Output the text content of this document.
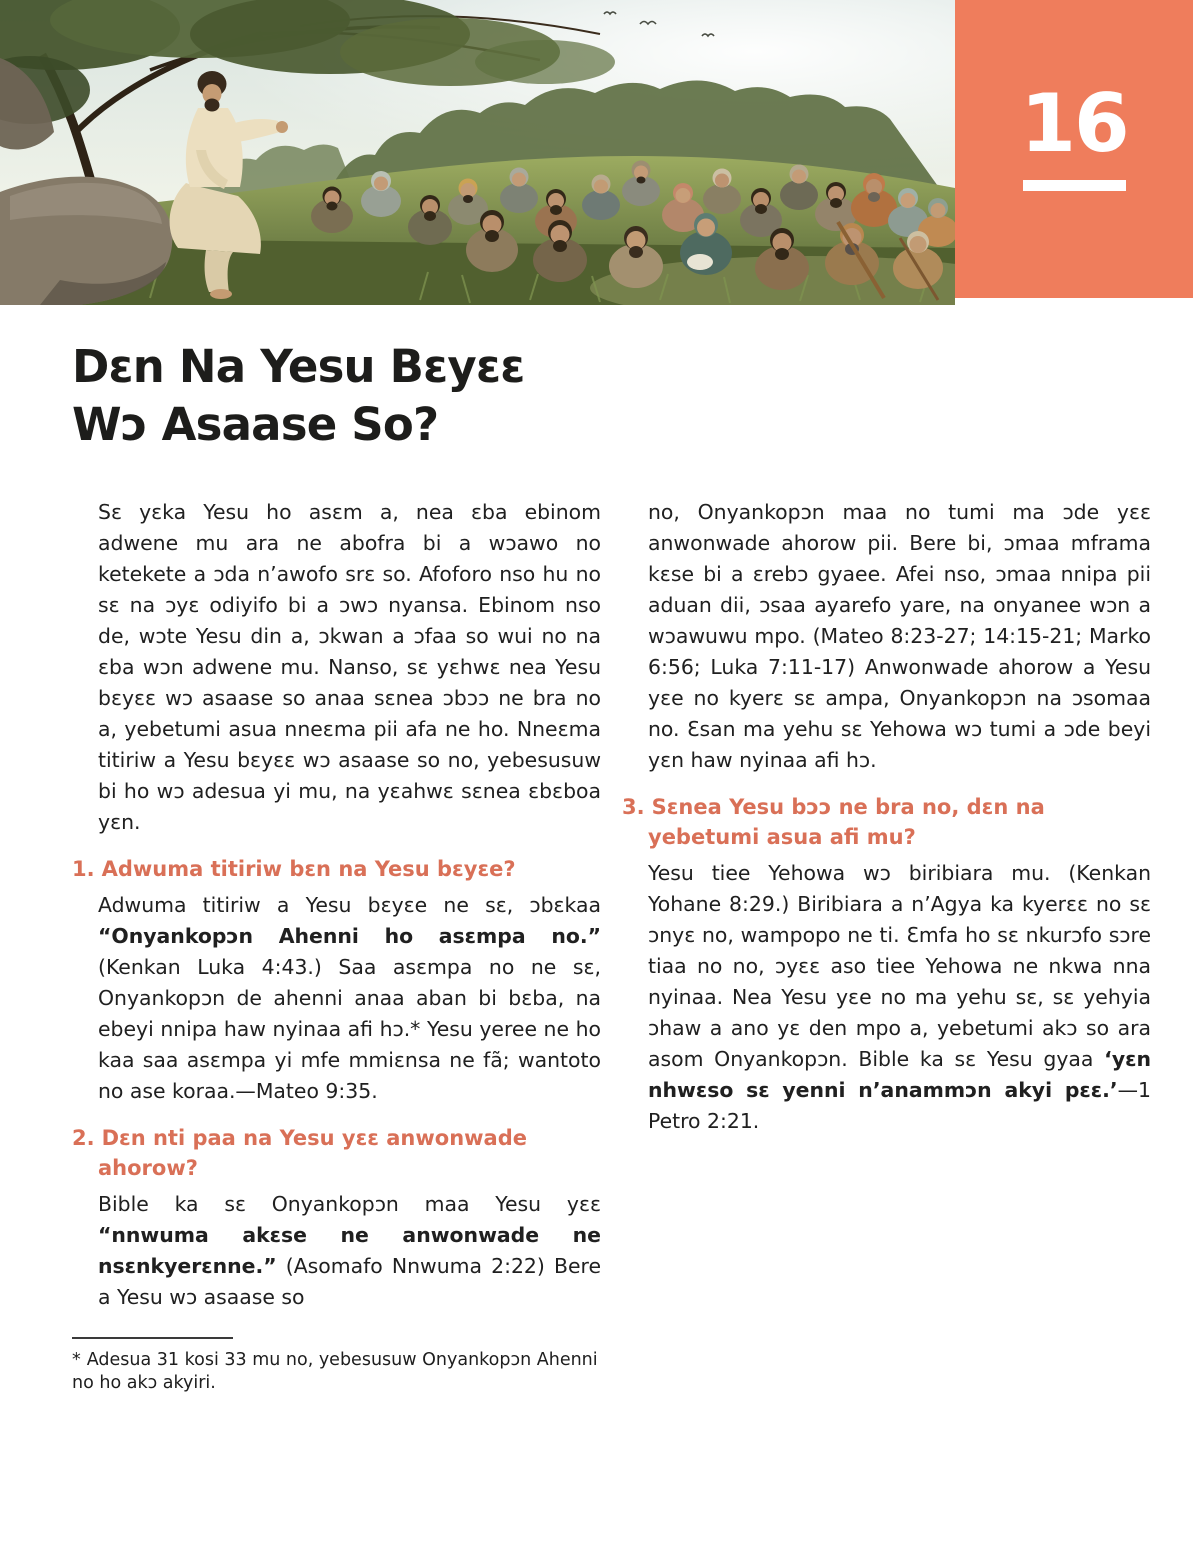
16
Dɛn Na Yesu Bɛyɛɛ
Wɔ Asaase So?

Sɛ yɛka Yesu ho asɛm a, nea ɛba ebinom adwene mu ara ne abofra bi a wɔawo no ketekete a ɔda n’awofo srɛ so. Afoforo nso hu no sɛ na ɔyɛ odiyifo bi a ɔwɔ nyansa. Ebinom nso de, wɔte Yesu din a, ɔkwan a ɔfaa so wui no na ɛba wɔn adwene mu. Nanso, sɛ yɛhwɛ nea Yesu bɛyɛɛ wɔ asaase so anaa sɛnea ɔbɔɔ ne bra no a, yebetumi asua nneɛma pii afa ne ho. Nneɛma titiriw a Yesu bɛyɛɛ wɔ asaase so no, yebesusuw bi ho wɔ adesua yi mu, na yɛahwɛ sɛnea ɛbɛboa yɛn.

1. Adwuma titiriw bɛn na Yesu bɛyɛe?

Adwuma titiriw a Yesu bɛyɛe ne sɛ, ɔbɛkaa “Onyankopɔn Ahenni ho asɛmpa no.” (Kenkan Luka 4:43.) Saa asɛmpa no ne sɛ, Onyankopɔn de ahenni anaa aban bi bɛba, na ebeyi nnipa haw nyinaa afi hɔ.* Yesu yeree ne ho kaa saa asɛmpa yi mfe mmiɛnsa ne fã; wantoto no ase koraa.—Mateo 9:35.

2. Dɛn nti paa na Yesu yɛɛ anwonwade ahorow?

Bible ka sɛ Onyankopɔn maa Yesu yɛɛ “nnwuma akɛse ne anwonwade ne nsɛnkyerɛnne.” (Asomafo Nnwuma 2:22) Bere a Yesu wɔ asaase so

* Adesua 31 kosi 33 mu no, yebesusuw Onyankopɔn Ahenni no ho akɔ akyiri.

no, Onyankopɔn maa no tumi ma ɔde yɛɛ anwonwade ahorow pii. Bere bi, ɔmaa mframa kɛse bi a ɛrebɔ gyaee. Afei nso, ɔmaa nnipa pii aduan dii, ɔsaa ayarefo yare, na onyanee wɔn a wɔawuwu mpo. (Mateo 8:23-27; 14:15-21; Marko 6:56; Luka 7:11-17) Anwonwade ahorow a Yesu yɛe no kyerɛ sɛ ampa, Onyankopɔn na ɔsomaa no. Ɛsan ma yehu sɛ Yehowa wɔ tumi a ɔde beyi yɛn haw nyinaa afi hɔ.

3. Sɛnea Yesu bɔɔ ne bra no, dɛn na yebetumi asua afi mu?

Yesu tiee Yehowa wɔ biribiara mu. (Kenkan Yohane 8:29.) Biribiara a n’Agya ka kyerɛɛ no sɛ ɔnyɛ no, wampopo ne ti. Ɛmfa ho sɛ nkurɔfo sɔre tiaa no no, ɔyɛɛ aso tiee Yehowa ne nkwa nna nyinaa. Nea Yesu yɛe no ma yehu sɛ, sɛ yehyia ɔhaw a ano yɛ den mpo a, yebetumi akɔ so ara asom Onyankopɔn. Bible ka sɛ Yesu gyaa ‘yɛn nhwɛso sɛ yenni n’anammɔn akyi pɛɛ.’—1 Petro 2:21.
